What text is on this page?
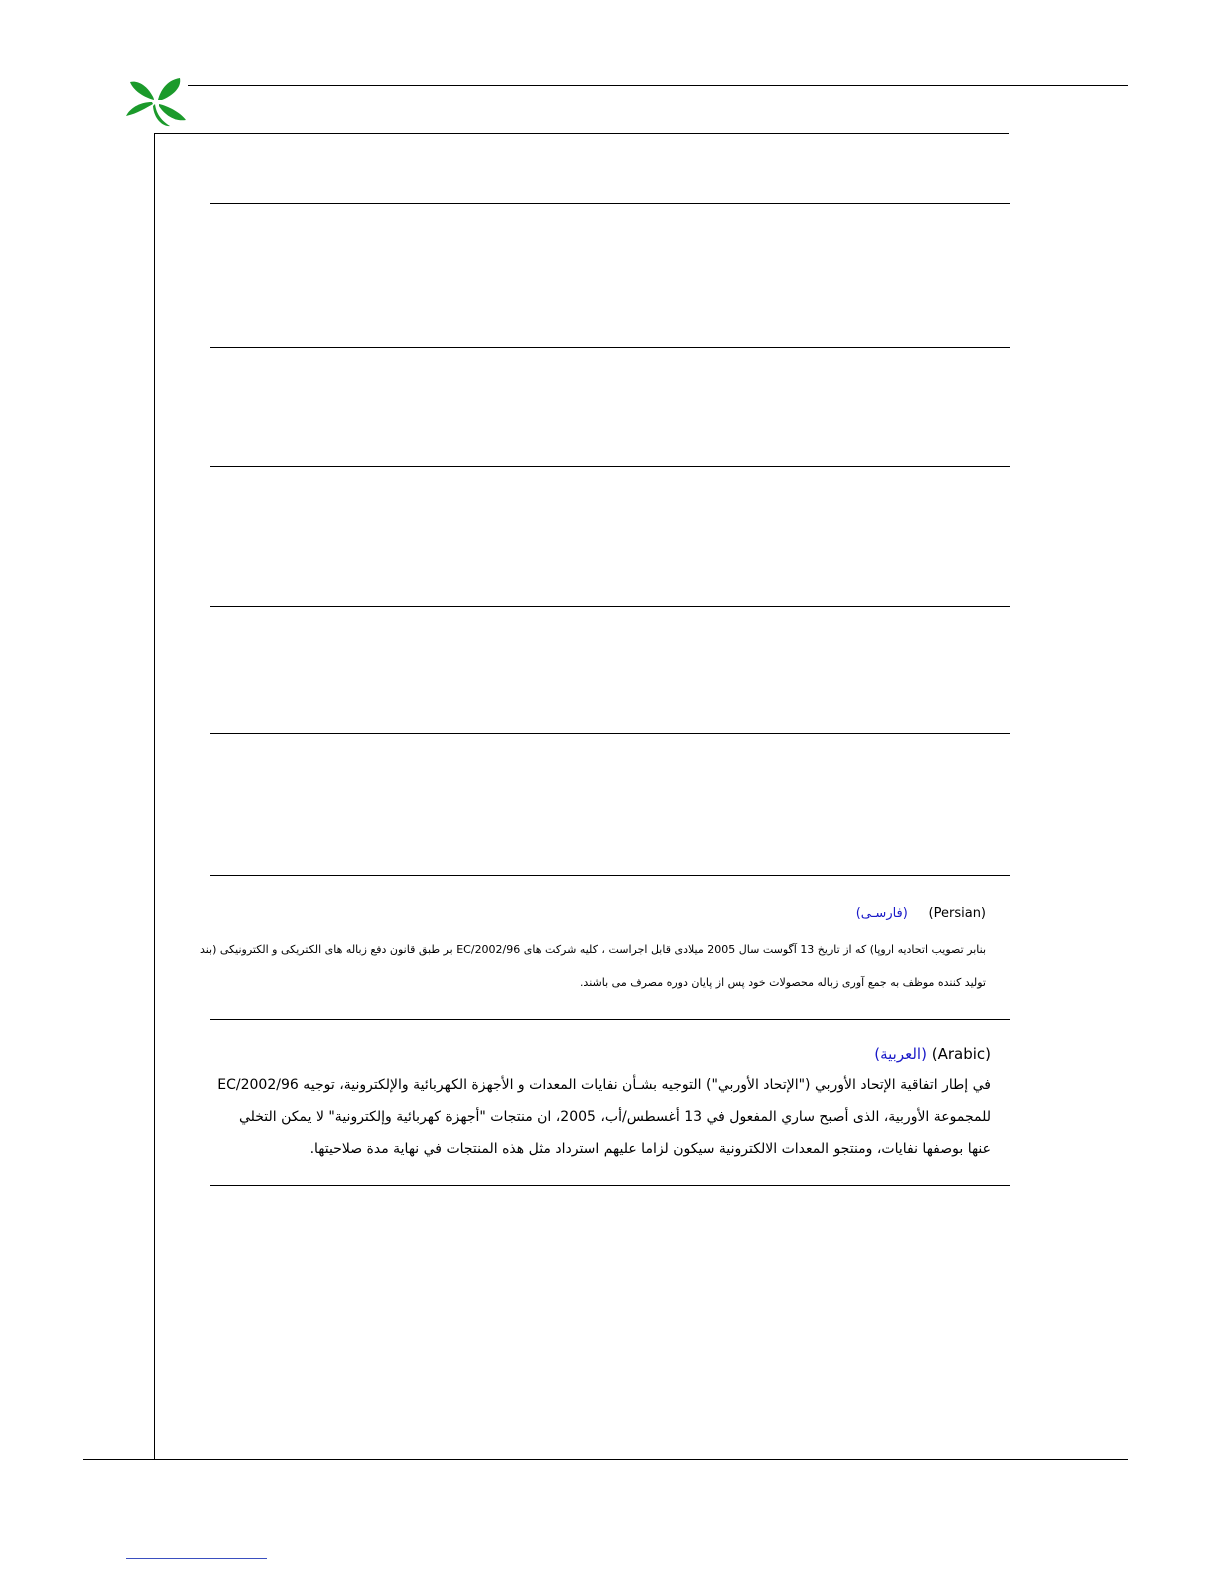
(فارسـی) (Persian)
بنابر تصویب اتحادیه اروپا) که از تاریخ 13 آگوست سال 2005 میلادی قابل اجراست ، کلیه شرکت های 2002/96/EC بر طبق قانون دفع زباله های الکتریکی و الکترونیکی (بند
تولید کننده موظف به جمع آوری زباله محصولات خود پس از پایان دوره مصرف می باشند.
(العربية) (Arabic)
في إطار اتفاقية الإتحاد الأوربي ("الإتحاد الأوربي") التوجيه بشـأن نفايات المعدات و الأجهزة الكهربائية والإلكترونية، توجيه 2002/96/EC
للمجموعة الأوربية، الذى أصبح ساري المفعول في 13 أغسطس/أب، 2005، ان منتجات "أجهزة كهربائية وإلكترونية" لا يمكن التخلي
عنها بوصفها نفايات، ومنتجو المعدات الالكترونية سيكون لزاما عليهم استرداد مثل هذه المنتجات في نهاية مدة صلاحيتها.
